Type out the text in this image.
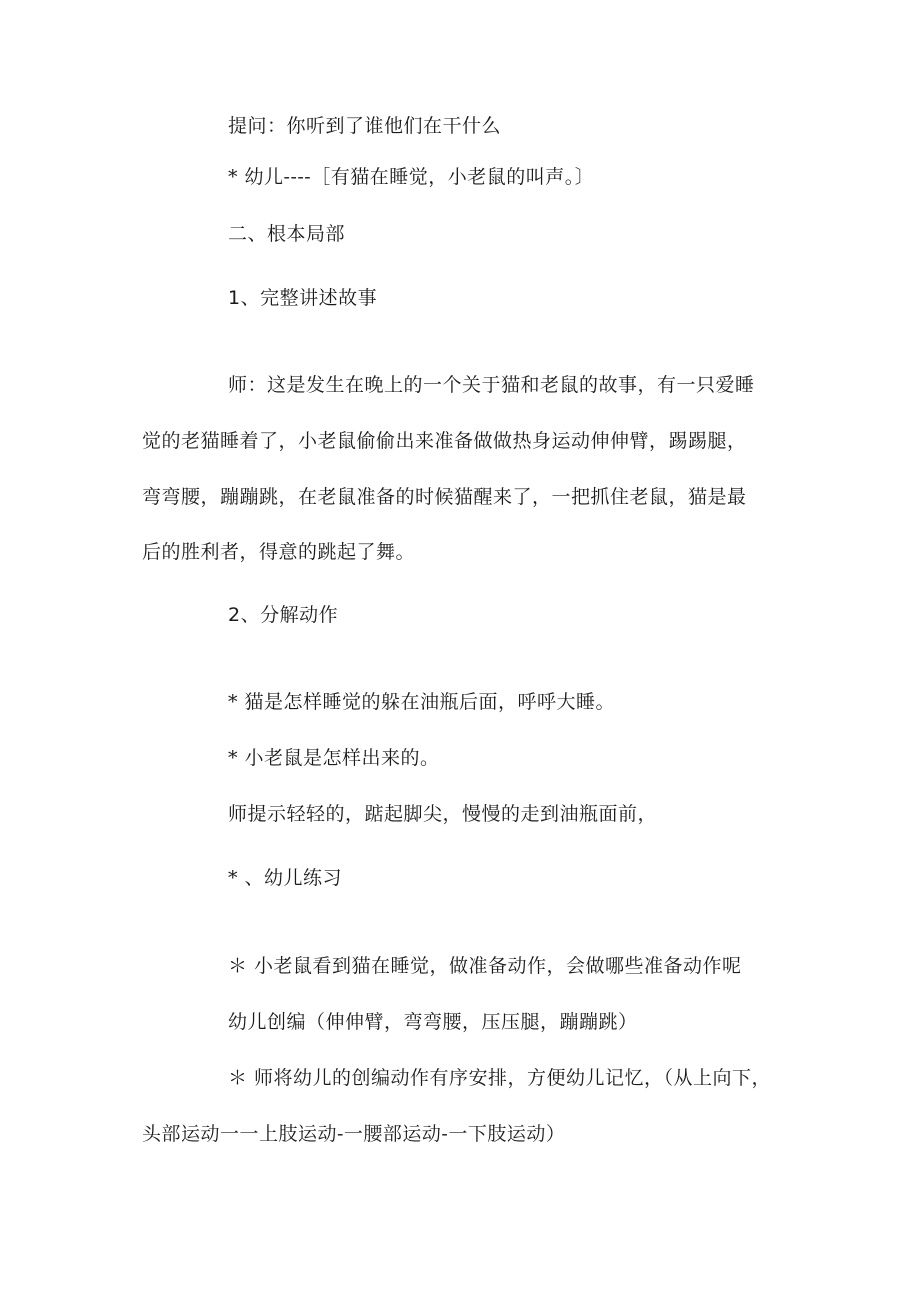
提问：你听到了谁他们在干什么
* 幼儿----［有猫在睡觉，小老鼠的叫声。〕
二、根本局部
1、完整讲述故事
师：这是发生在晚上的一个关于猫和老鼠的故事，有一只爱睡
觉的老猫睡着了，小老鼠偷偷出来准备做做热身运动伸伸臂，踢踢腿，
弯弯腰，蹦蹦跳，在老鼠准备的时候猫醒来了，一把抓住老鼠，猫是最
后的胜利者，得意的跳起了舞。
2、分解动作
* 猫是怎样睡觉的躲在油瓶后面，呼呼大睡。
* 小老鼠是怎样出来的。
师提示轻轻的，踮起脚尖，慢慢的走到油瓶面前，
* 、幼儿练习
＊ 小老鼠看到猫在睡觉，做准备动作，会做哪些准备动作呢
幼儿创编（伸伸臂，弯弯腰，压压腿，蹦蹦跳）
＊ 师将幼儿的创编动作有序安排，方便幼儿记忆，（从上向下，
头部运动一一上肢运动-一腰部运动-一下肢运动）
